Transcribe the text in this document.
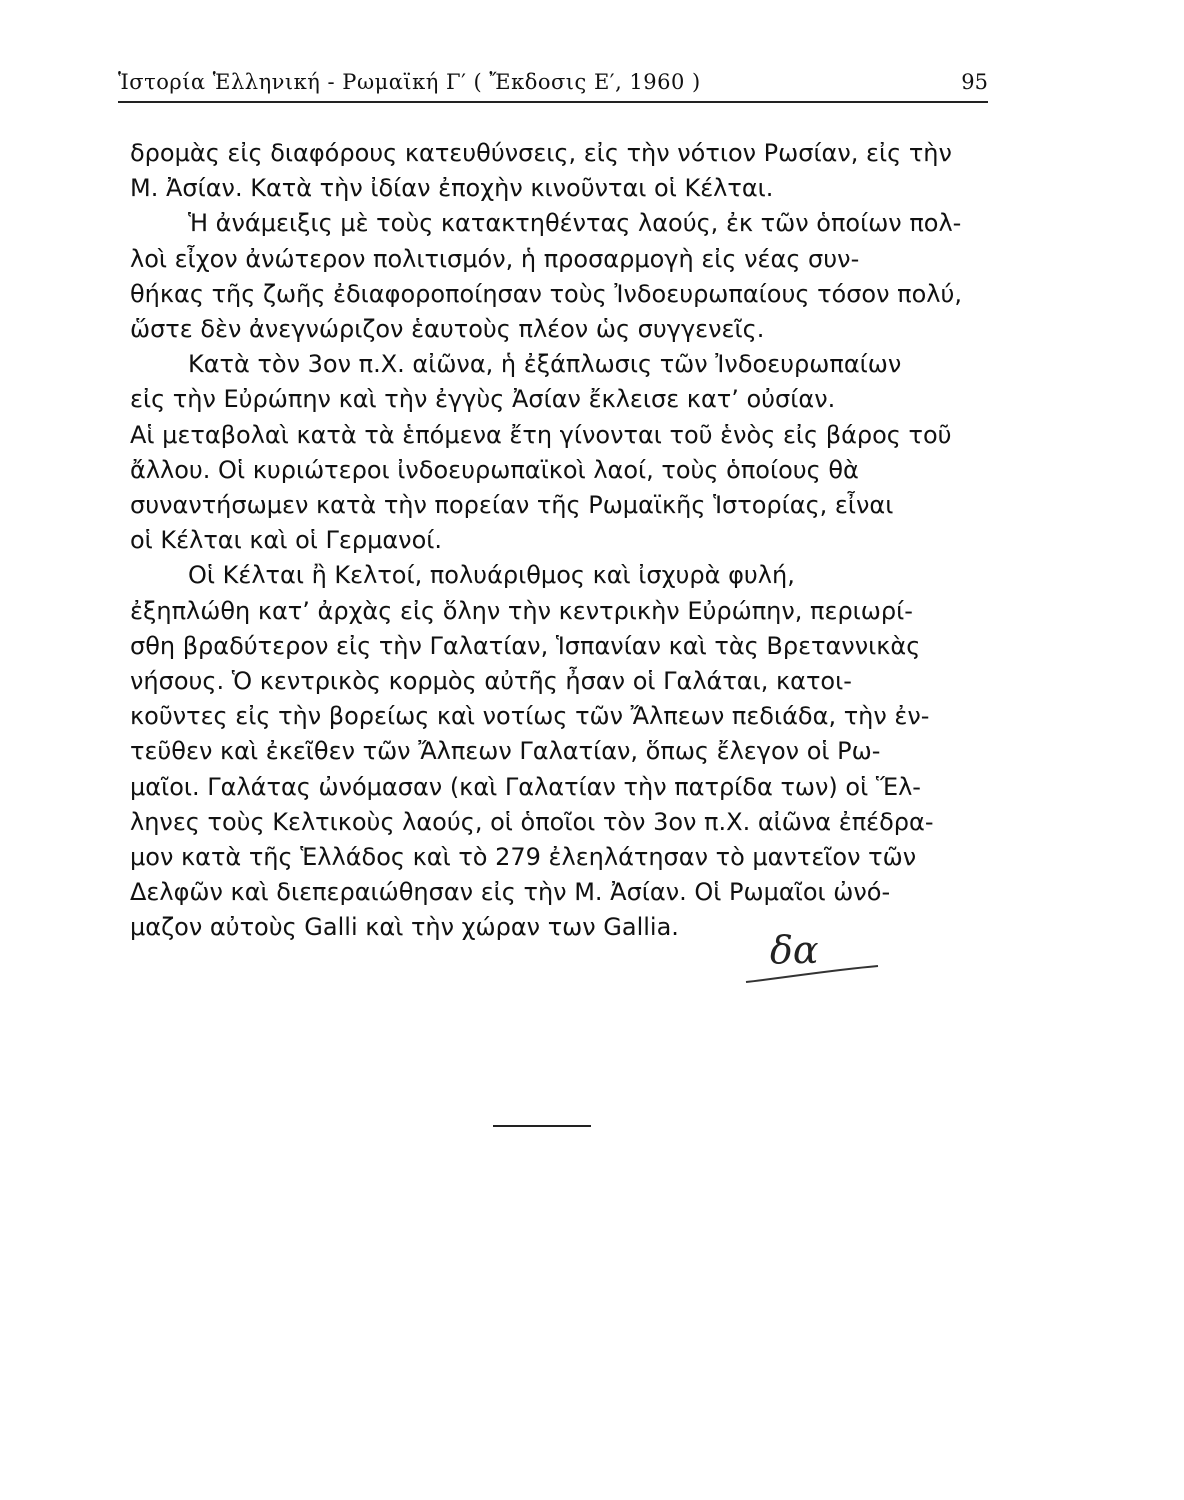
Ἱστορία Ἑλληνική - Ρωμαϊκή Γ′ ( Ἔκδοσις Ε′, 1960 )	95
δρομὰς εἰς διαφόρους κατευθύνσεις, εἰς τὴν νότιον Ρωσίαν, εἰς τὴν
Μ. Ἀσίαν. Κατὰ τὴν ἰδίαν ἐποχὴν κινοῦνται οἱ Κέλται.
Ἡ ἀνάμειξις μὲ τοὺς κατακτηθέντας λαούς, ἐκ τῶν ὁποίων πολ-
λοὶ εἶχον ἀνώτερον πολιτισμόν, ἡ προσαρμογὴ εἰς νέας συν-
θήκας τῆς ζωῆς ἐδιαφοροποίησαν τοὺς Ἰνδοευρωπαίους τόσον πολύ,
ὥστε δὲν ἀνεγνώριζον ἑαυτοὺς πλέον ὡς συγγενεῖς.
Κατὰ τὸν 3ον π.Χ. αἰῶνα, ἡ ἐξάπλωσις τῶν Ἰνδοευρωπαίων
εἰς τὴν Εὐρώπην καὶ τὴν ἐγγὺς Ἀσίαν ἔκλεισε κατ’ οὐσίαν.
Αἱ μεταβολαὶ κατὰ τὰ ἑπόμενα ἔτη γίνονται τοῦ ἑνὸς εἰς βάρος τοῦ
ἄλλου. Οἱ κυριώτεροι ἰνδοευρωπαϊκοὶ λαοί, τοὺς ὁποίους θὰ
συναντήσωμεν κατὰ τὴν πορείαν τῆς Ρωμαϊκῆς Ἱστορίας, εἶναι
οἱ Κέλται καὶ οἱ Γερμανοί.
Οἱ Κέλται ἢ Κελτοί, πολυάριθμος καὶ ἰσχυρὰ φυλή,
ἐξηπλώθη κατ’ ἀρχὰς εἰς ὅλην τὴν κεντρικὴν Εὐρώπην, περιωρί-
σθη βραδύτερον εἰς τὴν Γαλατίαν, Ἱσπανίαν καὶ τὰς Βρεταννικὰς
νήσους. Ὁ κεντρικὸς κορμὸς αὐτῆς ἦσαν οἱ Γαλάται, κατοι-
κοῦντες εἰς τὴν βορείως καὶ νοτίως τῶν Ἄλπεων πεδιάδα, τὴν ἐν-
τεῦθεν καὶ ἐκεῖθεν τῶν Ἄλπεων Γαλατίαν, ὅπως ἔλεγον οἱ Ρω-
μαῖοι. Γαλάτας ὠνόμασαν (καὶ Γαλατίαν τὴν πατρίδα των) οἱ Ἕλ-
ληνες τοὺς Κελτικοὺς λαούς, οἱ ὁποῖοι τὸν 3ον π.Χ. αἰῶνα ἐπέδρα-
μον κατὰ τῆς Ἑλλάδος καὶ τὸ 279 ἐλεηλάτησαν τὸ μαντεῖον τῶν
Δελφῶν καὶ διεπεραιώθησαν εἰς τὴν Μ. Ἀσίαν. Οἱ Ρωμαῖοι ὠνό-
μαζον αὐτοὺς Galli καὶ τὴν χώραν των Gallia.
δα
